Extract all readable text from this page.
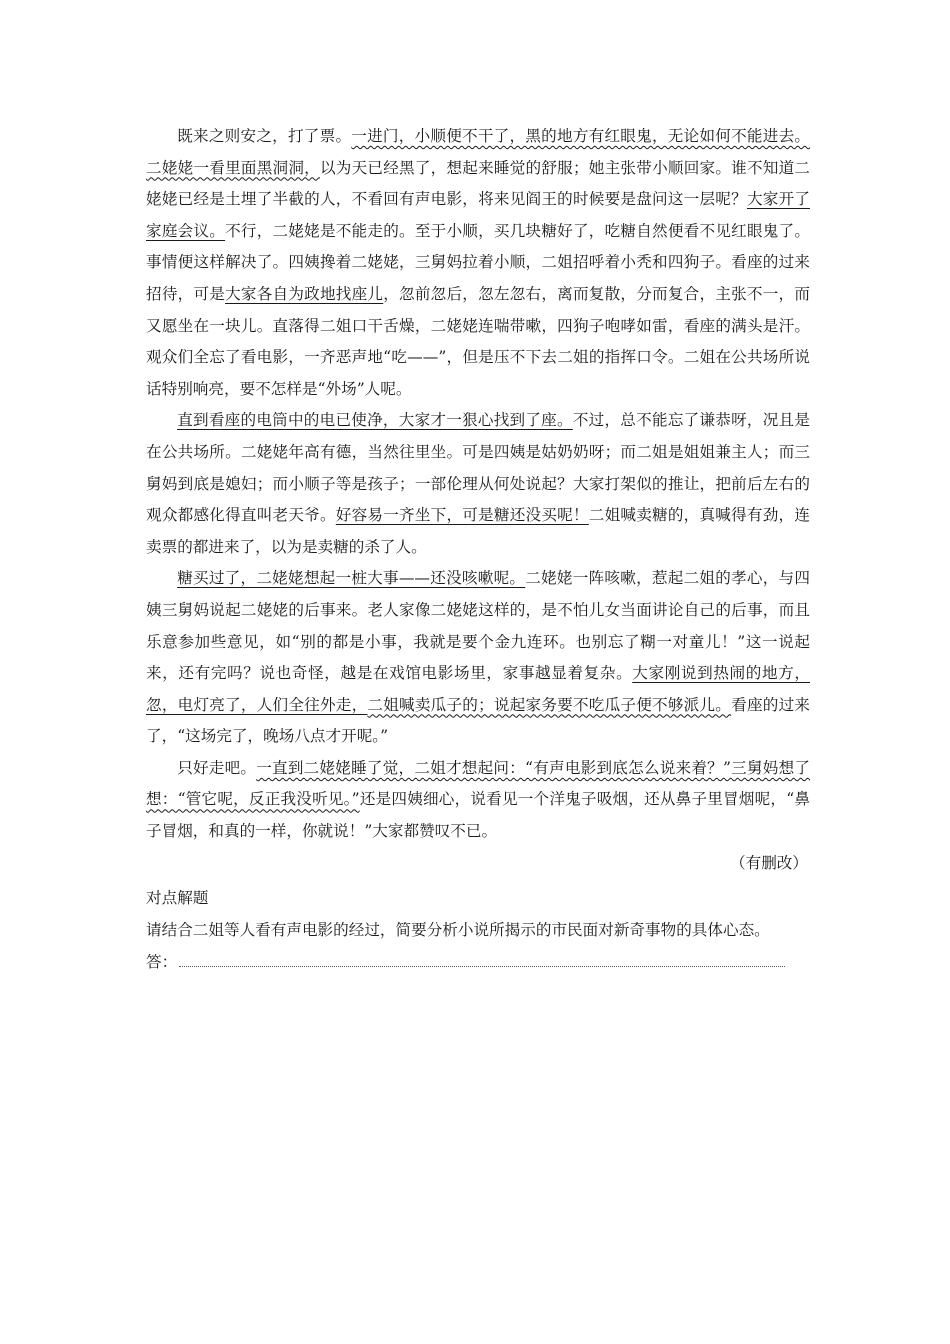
既来之则安之，打了票。一进门，小顺便不干了，黑的地方有红眼鬼，无论如何不能进去。二姥姥一看里面黑洞洞，以为天已经黑了，想起来睡觉的舒服；她主张带小顺回家。谁不知道二姥姥已经是土埋了半截的人，不看回有声电影，将来见阎王的时候要是盘问这一层呢？大家开了家庭会议。不行，二姥姥是不能走的。至于小顺，买几块糖好了，吃糖自然便看不见红眼鬼了。事情便这样解决了。四姨搀着二姥姥，三舅妈拉着小顺，二姐招呼着小秃和四狗子。看座的过来招待，可是大家各自为政地找座儿，忽前忽后，忽左忽右，离而复散，分而复合，主张不一，而又愿坐在一块儿。直落得二姐口干舌燥，二姥姥连喘带嗽，四狗子咆哮如雷，看座的满头是汗。观众们全忘了看电影，一齐恶声地“吃——”，但是压不下去二姐的指挥口令。二姐在公共场所说话特别响亮，要不怎样是“外场”人呢。

直到看座的电筒中的电已使净，大家才一狠心找到了座。不过，总不能忘了谦恭呀，况且是在公共场所。二姥姥年高有德，当然往里坐。可是四姨是姑奶奶呀；而二姐是姐姐兼主人；而三舅妈到底是媳妇；而小顺子等是孩子；一部伦理从何处说起？大家打架似的推让，把前后左右的观众都感化得直叫老天爷。好容易一齐坐下，可是糖还没买呢！二姐喊卖糖的，真喊得有劲，连卖票的都进来了，以为是卖糖的杀了人。

糖买过了，二姥姥想起一桩大事——还没咳嗽呢。二姥姥一阵咳嗽，惹起二姐的孝心，与四姨三舅妈说起二姥姥的后事来。老人家像二姥姥这样的，是不怕儿女当面讲论自己的后事，而且乐意参加些意见，如“别的都是小事，我就是要个金九连环。也别忘了糊一对童儿！”这一说起来，还有完吗？说也奇怪，越是在戏馆电影场里，家事越显着复杂。大家刚说到热闹的地方，忽，电灯亮了，人们全往外走，二姐喊卖瓜子的；说起家务要不吃瓜子便不够派儿。看座的过来了，“这场完了，晚场八点才开呢。”

只好走吧。一直到二姥姥睡了觉，二姐才想起问：“有声电影到底怎么说来着？”三舅妈想了想：“管它呢，反正我没听见。”还是四姨细心，说看见一个洋鬼子吸烟，还从鼻子里冒烟呢，“鼻子冒烟，和真的一样，你就说！”大家都赞叹不已。

（有删改）

对点解题

请结合二姐等人看有声电影的经过，简要分析小说所揭示的市民面对新奇事物的具体心态。

答：
